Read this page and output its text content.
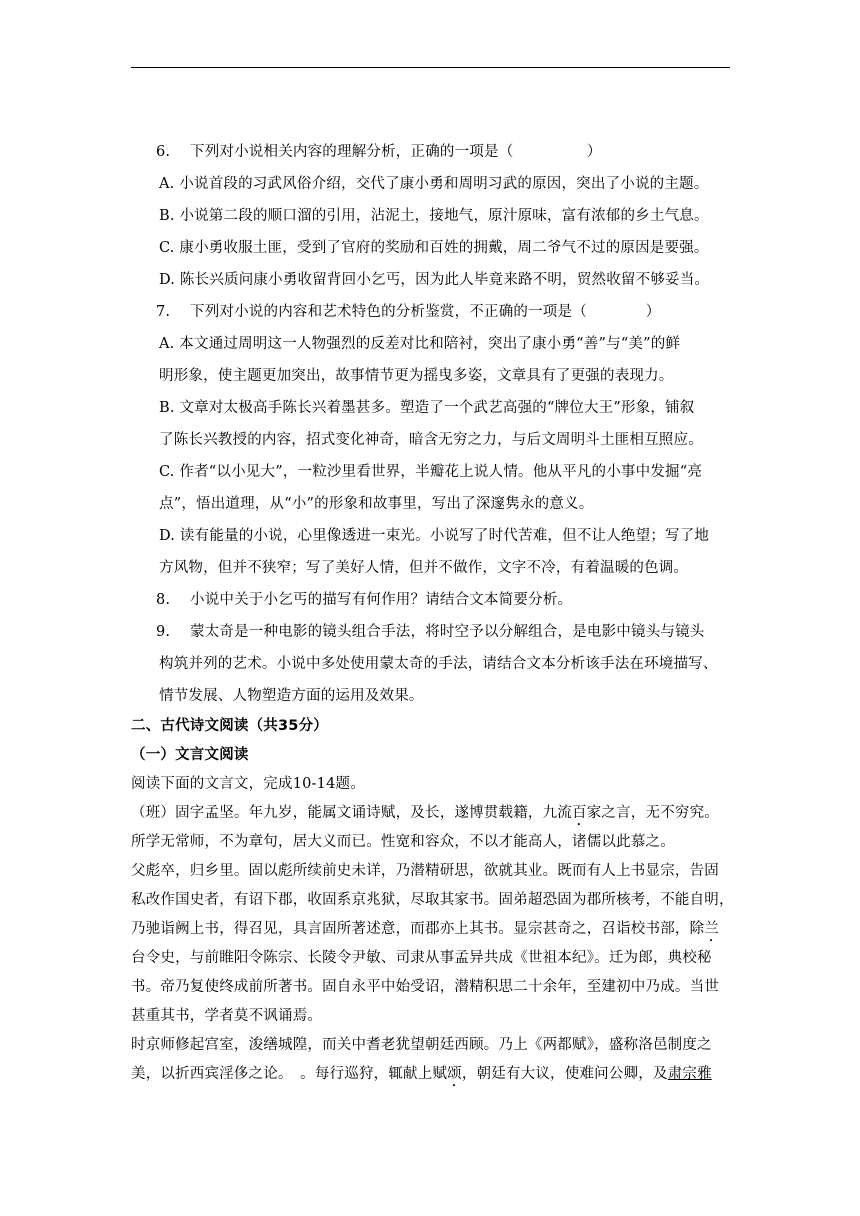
6. 下列对小说相关内容的理解分析，正确的一项是（　　　　　）
A. 小说首段的习武风俗介绍，交代了康小勇和周明习武的原因，突出了小说的主题。
B. 小说第二段的顺口溜的引用，沾泥土，接地气，原汁原味，富有浓郁的乡土气息。
C. 康小勇收服土匪，受到了官府的奖励和百姓的拥戴，周二爷气不过的原因是要强。
D. 陈长兴质问康小勇收留背回小乞丐，因为此人毕竟来路不明，贸然收留不够妥当。
7. 下列对小说的内容和艺术特色的分析鉴赏，不正确的一项是（　　　　）
A. 本文通过周明这一人物强烈的反差对比和陪衬，突出了康小勇“善”与“美”的鲜
明形象，使主题更加突出，故事情节更为摇曳多姿，文章具有了更强的表现力。
B. 文章对太极高手陈长兴着墨甚多。塑造了一个武艺高强的“牌位大王”形象，铺叙
了陈长兴教授的内容，招式变化神奇，暗含无穷之力，与后文周明斗土匪相互照应。
C. 作者“以小见大”，一粒沙里看世界，半瓣花上说人情。他从平凡的小事中发掘“亮
点”，悟出道理，从“小”的形象和故事里，写出了深邃隽永的意义。
D. 读有能量的小说，心里像透进一束光。小说写了时代苦难，但不让人绝望；写了地
方风物，但并不狭窄；写了美好人情，但并不做作，文字不冷，有着温暖的色调。
8. 小说中关于小乞丐的描写有何作用？请结合文本简要分析。
9. 蒙太奇是一种电影的镜头组合手法，将时空予以分解组合，是电影中镜头与镜头
构筑并列的艺术。小说中多处使用蒙太奇的手法，请结合文本分析该手法在环境描写、
情节发展、人物塑造方面的运用及效果。
二、古代诗文阅读（共35分）
（一）文言文阅读
阅读下面的文言文，完成10-14题。
（班）固字孟坚。年九岁，能属文诵诗赋，及长，遂博贯载籍，九流百家之言，无不穷究。
所学无常师，不为章句，居大义而已。性宽和容众，不以才能高人，诸儒以此慕之。
父彪卒，归乡里。固以彪所续前史未详，乃潜精研思，欲就其业。既而有人上书显宗，告固
私改作国史者，有诏下郡，收固系京兆狱，尽取其家书。固弟超恐固为郡所核考，不能自明，
乃驰诣阙上书，得召见，具言固所著述意，而郡亦上其书。显宗甚奇之，召诣校书部，除兰
台令史，与前睢阳令陈宗、长陵令尹敏、司隶从事孟异共成《世祖本纪》。迁为郎，典校秘
书。帝乃复使终成前所著书。固自永平中始受诏，潜精积思二十余年，至建初中乃成。当世
甚重其书，学者莫不讽诵焉。
时京师修起宫室，浚缮城隍，而关中耆老犹望朝廷西顾。乃上《两都赋》，盛称洛邑制度之
美，以折西宾淫侈之论。　。每行巡狩，辄献上赋颂，朝廷有大议，使难问公卿，及肃宗雅
